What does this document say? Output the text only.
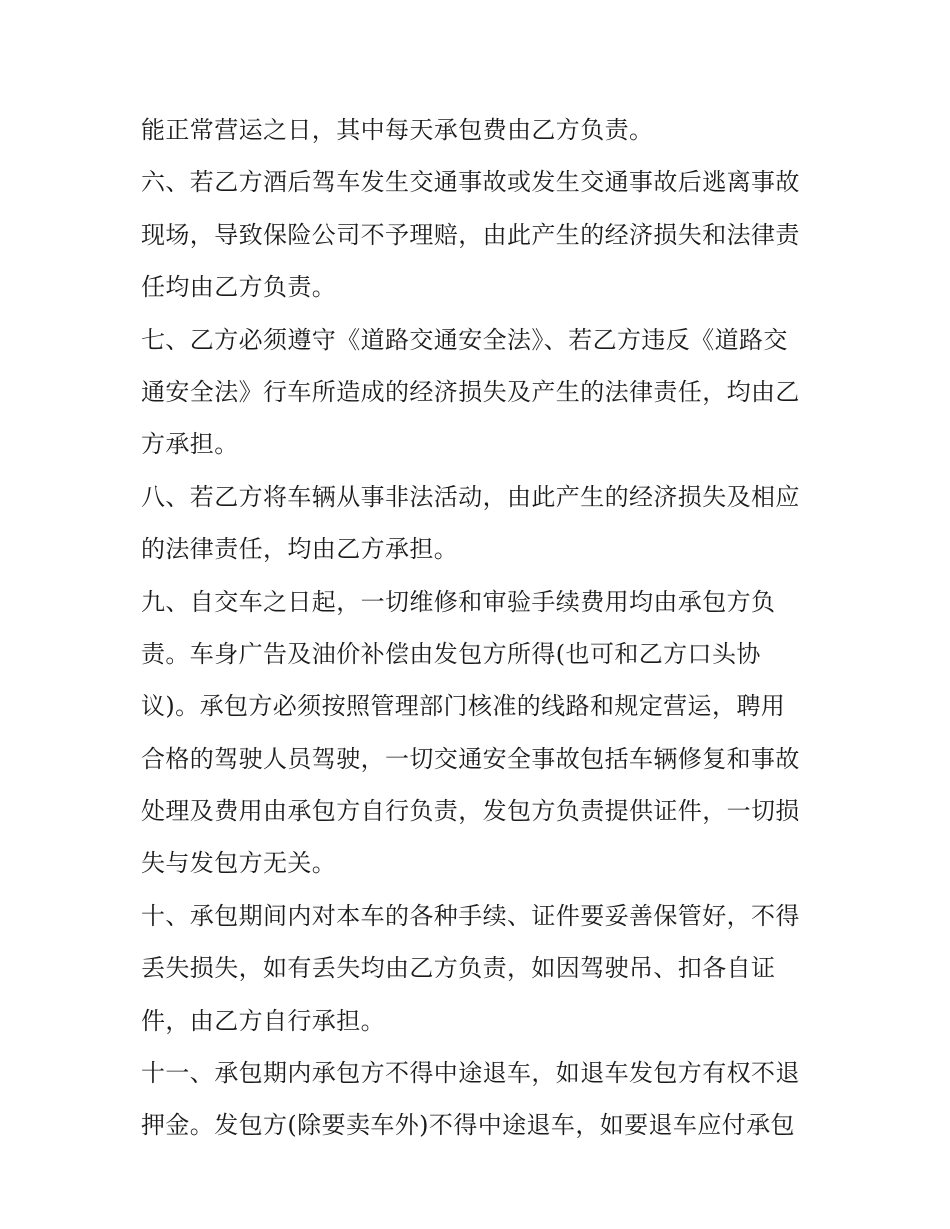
能正常营运之日，其中每天承包费由乙方负责。
六、若乙方酒后驾车发生交通事故或发生交通事故后逃离事故
现场，导致保险公司不予理赔，由此产生的经济损失和法律责
任均由乙方负责。
七、乙方必须遵守《道路交通安全法》、若乙方违反《道路交
通安全法》行车所造成的经济损失及产生的法律责任，均由乙
方承担。
八、若乙方将车辆从事非法活动，由此产生的经济损失及相应
的法律责任，均由乙方承担。
九、自交车之日起，一切维修和审验手续费用均由承包方负
责。车身广告及油价补偿由发包方所得(也可和乙方口头协
议)。承包方必须按照管理部门核准的线路和规定营运，聘用
合格的驾驶人员驾驶，一切交通安全事故包括车辆修复和事故
处理及费用由承包方自行负责，发包方负责提供证件，一切损
失与发包方无关。
十、承包期间内对本车的各种手续、证件要妥善保管好，不得
丢失损失，如有丢失均由乙方负责，如因驾驶吊、扣各自证
件，由乙方自行承担。
十一、承包期内承包方不得中途退车，如退车发包方有权不退
押金。发包方(除要卖车外)不得中途退车，如要退车应付承包
